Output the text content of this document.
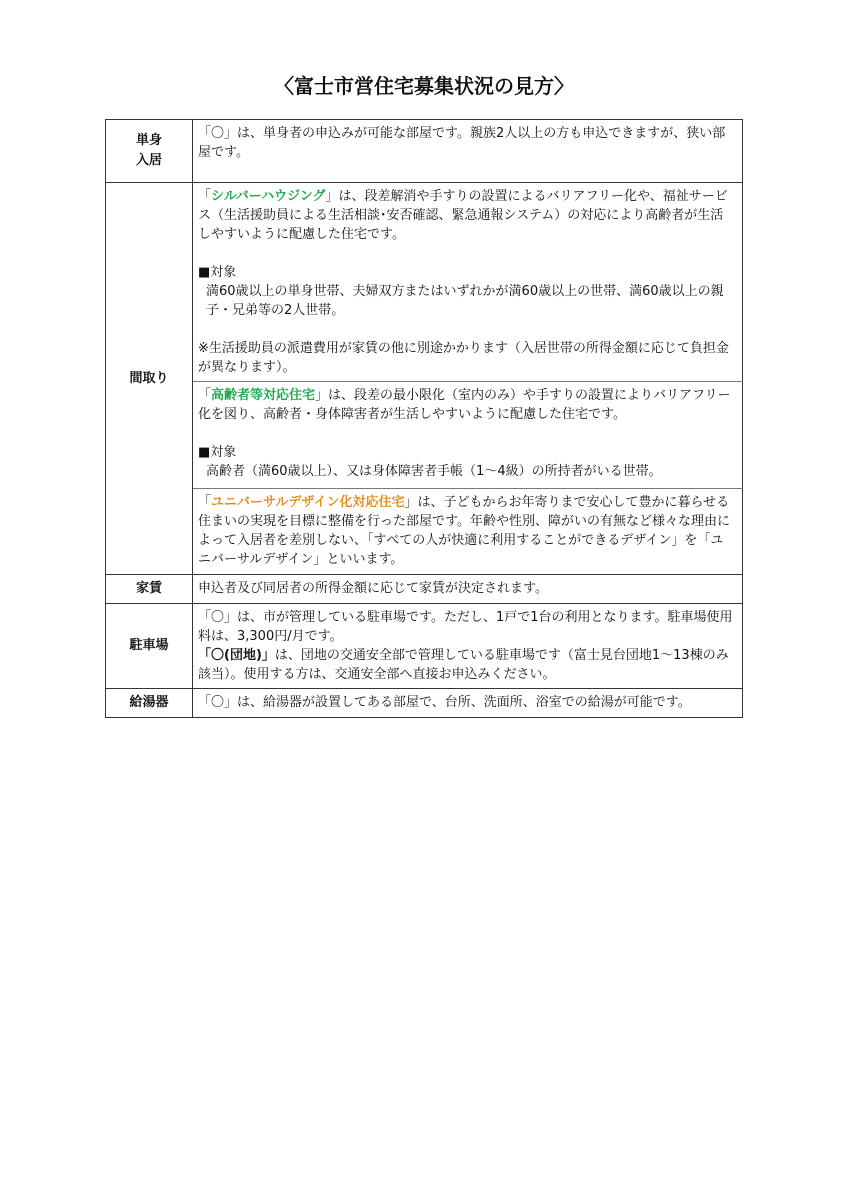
〈富士市営住宅募集状況の見方〉
単身
入居	「〇」は、単身者の申込みが可能な部屋です。親族2人以上の方も申込できますが、狭い部屋です。

間取り	「シルバーハウジング」は、段差解消や手すりの設置によるバリアフリー化や、福祉サービス（生活援助員による生活相談･安否確認、緊急通報システム）の対応により高齢者が生活しやすいように配慮した住宅です。

■対象

満60歳以上の単身世帯、夫婦双方またはいずれかが満60歳以上の世帯、満60歳以上の親子・兄弟等の2人世帯。

※生活援助員の派遣費用が家賃の他に別途かかります（入居世帯の所得金額に応じて負担金が異なります）。

	「高齢者等対応住宅」は、段差の最小限化（室内のみ）や手すりの設置によりバリアフリー化を図り、高齢者・身体障害者が生活しやすいように配慮した住宅です。

■対象

高齢者（満60歳以上）、又は身体障害者手帳（1～4級）の所持者がいる世帯。

	「ユニバーサルデザイン化対応住宅」は、子どもからお年寄りまで安心して豊かに暮らせる住まいの実現を目標に整備を行った部屋です。年齢や性別、障がいの有無など様々な理由によって入居者を差別しない、「すべての人が快適に利用することができるデザイン」を「ユニバーサルデザイン」といいます。

家賃	申込者及び同居者の所得金額に応じて家賃が決定されます。

駐車場	「〇」は、市が管理している駐車場です。ただし、1戸で1台の利用となります。駐車場使用料は、3,300円/月です。

「〇(団地)」は、団地の交通安全部で管理している駐車場です（富士見台団地1～13棟のみ該当）。使用する方は、交通安全部へ直接お申込みください。

給湯器	「〇」は、給湯器が設置してある部屋で、台所、洗面所、浴室での給湯が可能です。
